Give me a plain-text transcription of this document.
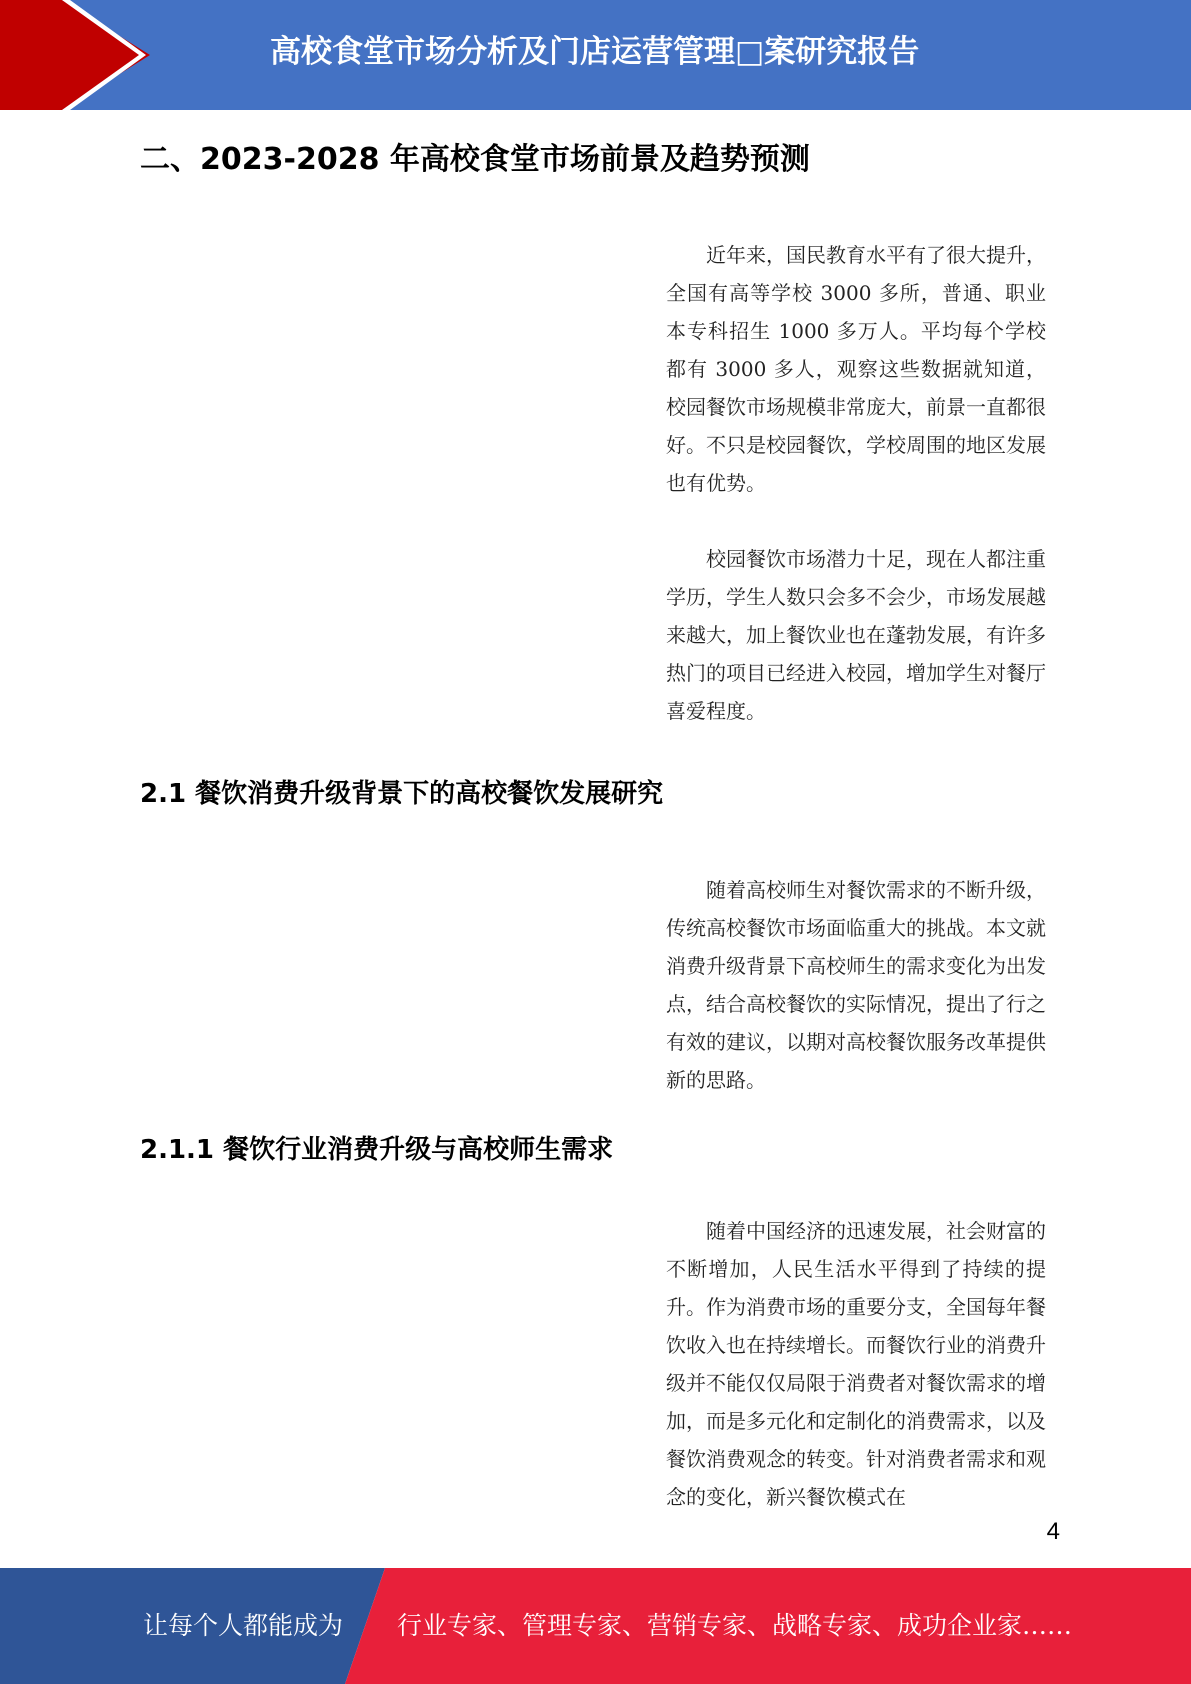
高校食堂市场分析及门店运营管理□案研究报告
二、2023-2028 年高校食堂市场前景及趋势预测

近年来，国民教育水平有了很大提升，全国有高等学校 3000 多所，普通、职业本专科招生 1000 多万人。平均每个学校都有 3000 多人，观察这些数据就知道，校园餐饮市场规模非常庞大，前景一直都很好。不只是校园餐饮，学校周围的地区发展也有优势。

校园餐饮市场潜力十足，现在人都注重学历，学生人数只会多不会少，市场发展越来越大，加上餐饮业也在蓬勃发展，有许多热门的项目已经进入校园，增加学生对餐厅喜爱程度。

2.1 餐饮消费升级背景下的高校餐饮发展研究

随着高校师生对餐饮需求的不断升级，传统高校餐饮市场面临重大的挑战。本文就消费升级背景下高校师生的需求变化为出发点，结合高校餐饮的实际情况，提出了行之有效的建议，以期对高校餐饮服务改革提供新的思路。

2.1.1 餐饮行业消费升级与高校师生需求

随着中国经济的迅速发展，社会财富的不断增加，人民生活水平得到了持续的提升。作为消费市场的重要分支，全国每年餐饮收入也在持续增长。而餐饮行业的消费升级并不能仅仅局限于消费者对餐饮需求的增加，而是多元化和定制化的消费需求，以及餐饮消费观念的转变。针对消费者需求和观念的变化，新兴餐饮模式在

4
让每个人都能成为 行业专家、管理专家、营销专家、战略专家、成功企业家……
